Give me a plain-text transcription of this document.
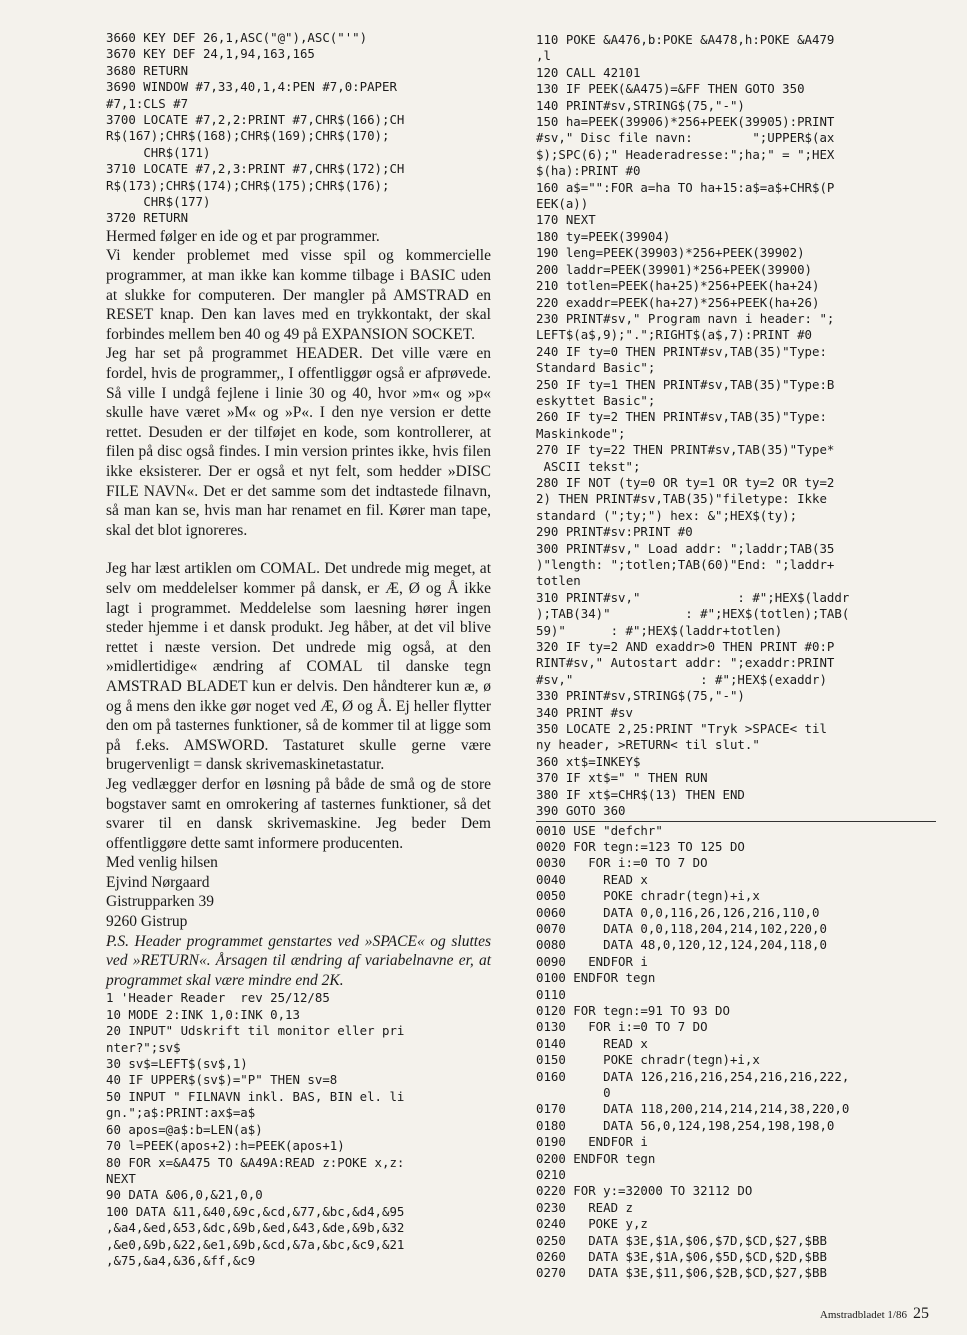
3660 KEY DEF 26,1,ASC("@"),ASC("'")
3670 KEY DEF 24,1,94,163,165
3680 RETURN
3690 WINDOW #7,33,40,1,4:PEN #7,0:PAPER
#7,1:CLS #7
3700 LOCATE #7,2,2:PRINT #7,CHR$(166);CH
R$(167);CHR$(168);CHR$(169);CHR$(170);
CHR$(171)
3710 LOCATE #7,2,3:PRINT #7,CHR$(172);CH
R$(173);CHR$(174);CHR$(175);CHR$(176);
CHR$(177)
3720 RETURN

Hermed følger en ide og et par programmer.

Vi kender problemet med visse spil og kommercielle programmer, at man ikke kan komme tilbage i BASIC uden at slukke for computeren. Der mangler på AMSTRAD en RESET knap. Den kan laves med en trykkontakt, der skal forbindes mellem ben 40 og 49 på EXPANSION SOCKET.

Jeg har set på programmet HEADER. Det ville være en fordel, hvis de programmer,, I offentliggør også er afprøvede. Så ville I undgå fejlene i linie 30 og 40, hvor »m« og »p« skulle have været »M« og »P«. I den nye version er dette rettet. Desuden er der tilføjet en kode, som kontrollerer, at filen på disc også findes. I min version printes ikke, hvis filen ikke eksisterer. Der er også et nyt felt, som hedder »DISC FILE NAVN«. Det er det samme som det indtastede filnavn, så man kan se, hvis man har renamet en fil. Kører man tape, skal det blot ignoreres.

Jeg har læst artiklen om COMAL. Det undrede mig meget, at selv om meddelelser kommer på dansk, er Æ, Ø og Å ikke lagt i programmet. Meddelelse som laesning hører ingen steder hjemme i et dansk produkt. Jeg håber, at det vil blive rettet i næste version. Det undrede mig også, at den »midlertidige« ændring af COMAL til danske tegn AMSTRAD BLADET kun er delvis. Den håndterer kun æ, ø og å mens den ikke gør noget ved Æ, Ø og Å. Ej heller flytter den om på tasternes funktioner, så de kommer til at ligge som på f.eks. AMSWORD. Tastaturet skulle gerne være brugervenligt = dansk skrivemaskinetastatur.

Jeg vedlægger derfor en løsning på både de små og de store bogstaver samt en omrokering af tasternes funktioner, så det svarer til en dansk skrivemaskine. Jeg beder Dem offentliggøre dette samt informere producenten.

Med venlig hilsen

Ejvind Nørgaard

Gistrupparken 39

9260 Gistrup

P.S. Header programmet genstartes ved »SPACE« og sluttes ved »RETURN«. Årsagen til ændring af variabelnavne er, at programmet skal være mindre end 2K.

1 'Header Reader  rev 25/12/85
10 MODE 2:INK 1,0:INK 0,13
20 INPUT" Udskrift til monitor eller pri
nter?";sv$
30 sv$=LEFT$(sv$,1)
40 IF UPPER$(sv$)="P" THEN sv=8
50 INPUT " FILNAVN inkl. BAS, BIN el. li
gn.";a$:PRINT:ax$=a$
60 apos=@a$:b=LEN(a$)
70 l=PEEK(apos+2):h=PEEK(apos+1)
80 FOR x=&A475 TO &A49A:READ z:POKE x,z:
NEXT
90 DATA &06,0,&21,0,0
100 DATA &11,&40,&9c,&cd,&77,&bc,&d4,&95
,&a4,&ed,&53,&dc,&9b,&ed,&43,&de,&9b,&32
,&e0,&9b,&22,&e1,&9b,&cd,&7a,&bc,&c9,&21
,&75,&a4,&36,&ff,&c9
110 POKE &A476,b:POKE &A478,h:POKE &A479
,l
120 CALL 42101
130 IF PEEK(&A475)=&FF THEN GOTO 350
140 PRINT#sv,STRING$(75,"-")
150 ha=PEEK(39906)*256+PEEK(39905):PRINT
#sv," Disc file navn:        ";UPPER$(ax
$);SPC(6);" Headeradresse:";ha;" = ";HEX
$(ha):PRINT #0
160 a$="":FOR a=ha TO ha+15:a$=a$+CHR$(P
EEK(a))
170 NEXT
180 ty=PEEK(39904)
190 leng=PEEK(39903)*256+PEEK(39902)
200 laddr=PEEK(39901)*256+PEEK(39900)
210 totlen=PEEK(ha+25)*256+PEEK(ha+24)
220 exaddr=PEEK(ha+27)*256+PEEK(ha+26)
230 PRINT#sv," Program navn i header: ";
LEFT$(a$,9);".";RIGHT$(a$,7):PRINT #0
240 IF ty=0 THEN PRINT#sv,TAB(35)"Type:
Standard Basic";
250 IF ty=1 THEN PRINT#sv,TAB(35)"Type:B
eskyttet Basic";
260 IF ty=2 THEN PRINT#sv,TAB(35)"Type:
Maskinkode";
270 IF ty=22 THEN PRINT#sv,TAB(35)"Type*
ASCII tekst";
280 IF NOT (ty=0 OR ty=1 OR ty=2 OR ty=2
2) THEN PRINT#sv,TAB(35)"filetype: Ikke
standard (";ty;") hex: &";HEX$(ty);
290 PRINT#sv:PRINT #0
300 PRINT#sv," Load addr: ";laddr;TAB(35
)"length: ";totlen;TAB(60)"End: ";laddr+
totlen
310 PRINT#sv,"             : #";HEX$(laddr
);TAB(34)"          : #";HEX$(totlen);TAB(
59)"      : #";HEX$(laddr+totlen)
320 IF ty=2 AND exaddr>0 THEN PRINT #0:P
RINT#sv," Autostart addr: ";exaddr:PRINT
#sv,"                 : #";HEX$(exaddr)
330 PRINT#sv,STRING$(75,"-")
340 PRINT #sv
350 LOCATE 2,25:PRINT "Tryk >SPACE< til
ny header, >RETURN< til slut."
360 xt$=INKEY$
370 IF xt$=" " THEN RUN
380 IF xt$=CHR$(13) THEN END
390 GOTO 360
0010 USE "defchr"
0020 FOR tegn:=123 TO 125 DO
0030   FOR i:=0 TO 7 DO
0040     READ x
0050     POKE chradr(tegn)+i,x
0060     DATA 0,0,116,26,126,216,110,0
0070     DATA 0,0,118,204,214,102,220,0
0080     DATA 48,0,120,12,124,204,118,0
0090   ENDFOR i
0100 ENDFOR tegn
0110
0120 FOR tegn:=91 TO 93 DO
0130   FOR i:=0 TO 7 DO
0140     READ x
0150     POKE chradr(tegn)+i,x
0160     DATA 126,216,216,254,216,216,222,
0
0170     DATA 118,200,214,214,214,38,220,0
0180     DATA 56,0,124,198,254,198,198,0
0190   ENDFOR i
0200 ENDFOR tegn
0210
0220 FOR y:=32000 TO 32112 DO
0230   READ z
0240   POKE y,z
0250   DATA $3E,$1A,$06,$7D,$CD,$27,$BB
0260   DATA $3E,$1A,$06,$5D,$CD,$2D,$BB
0270   DATA $3E,$11,$06,$2B,$CD,$27,$BB
Amstradbladet 1/86 25
